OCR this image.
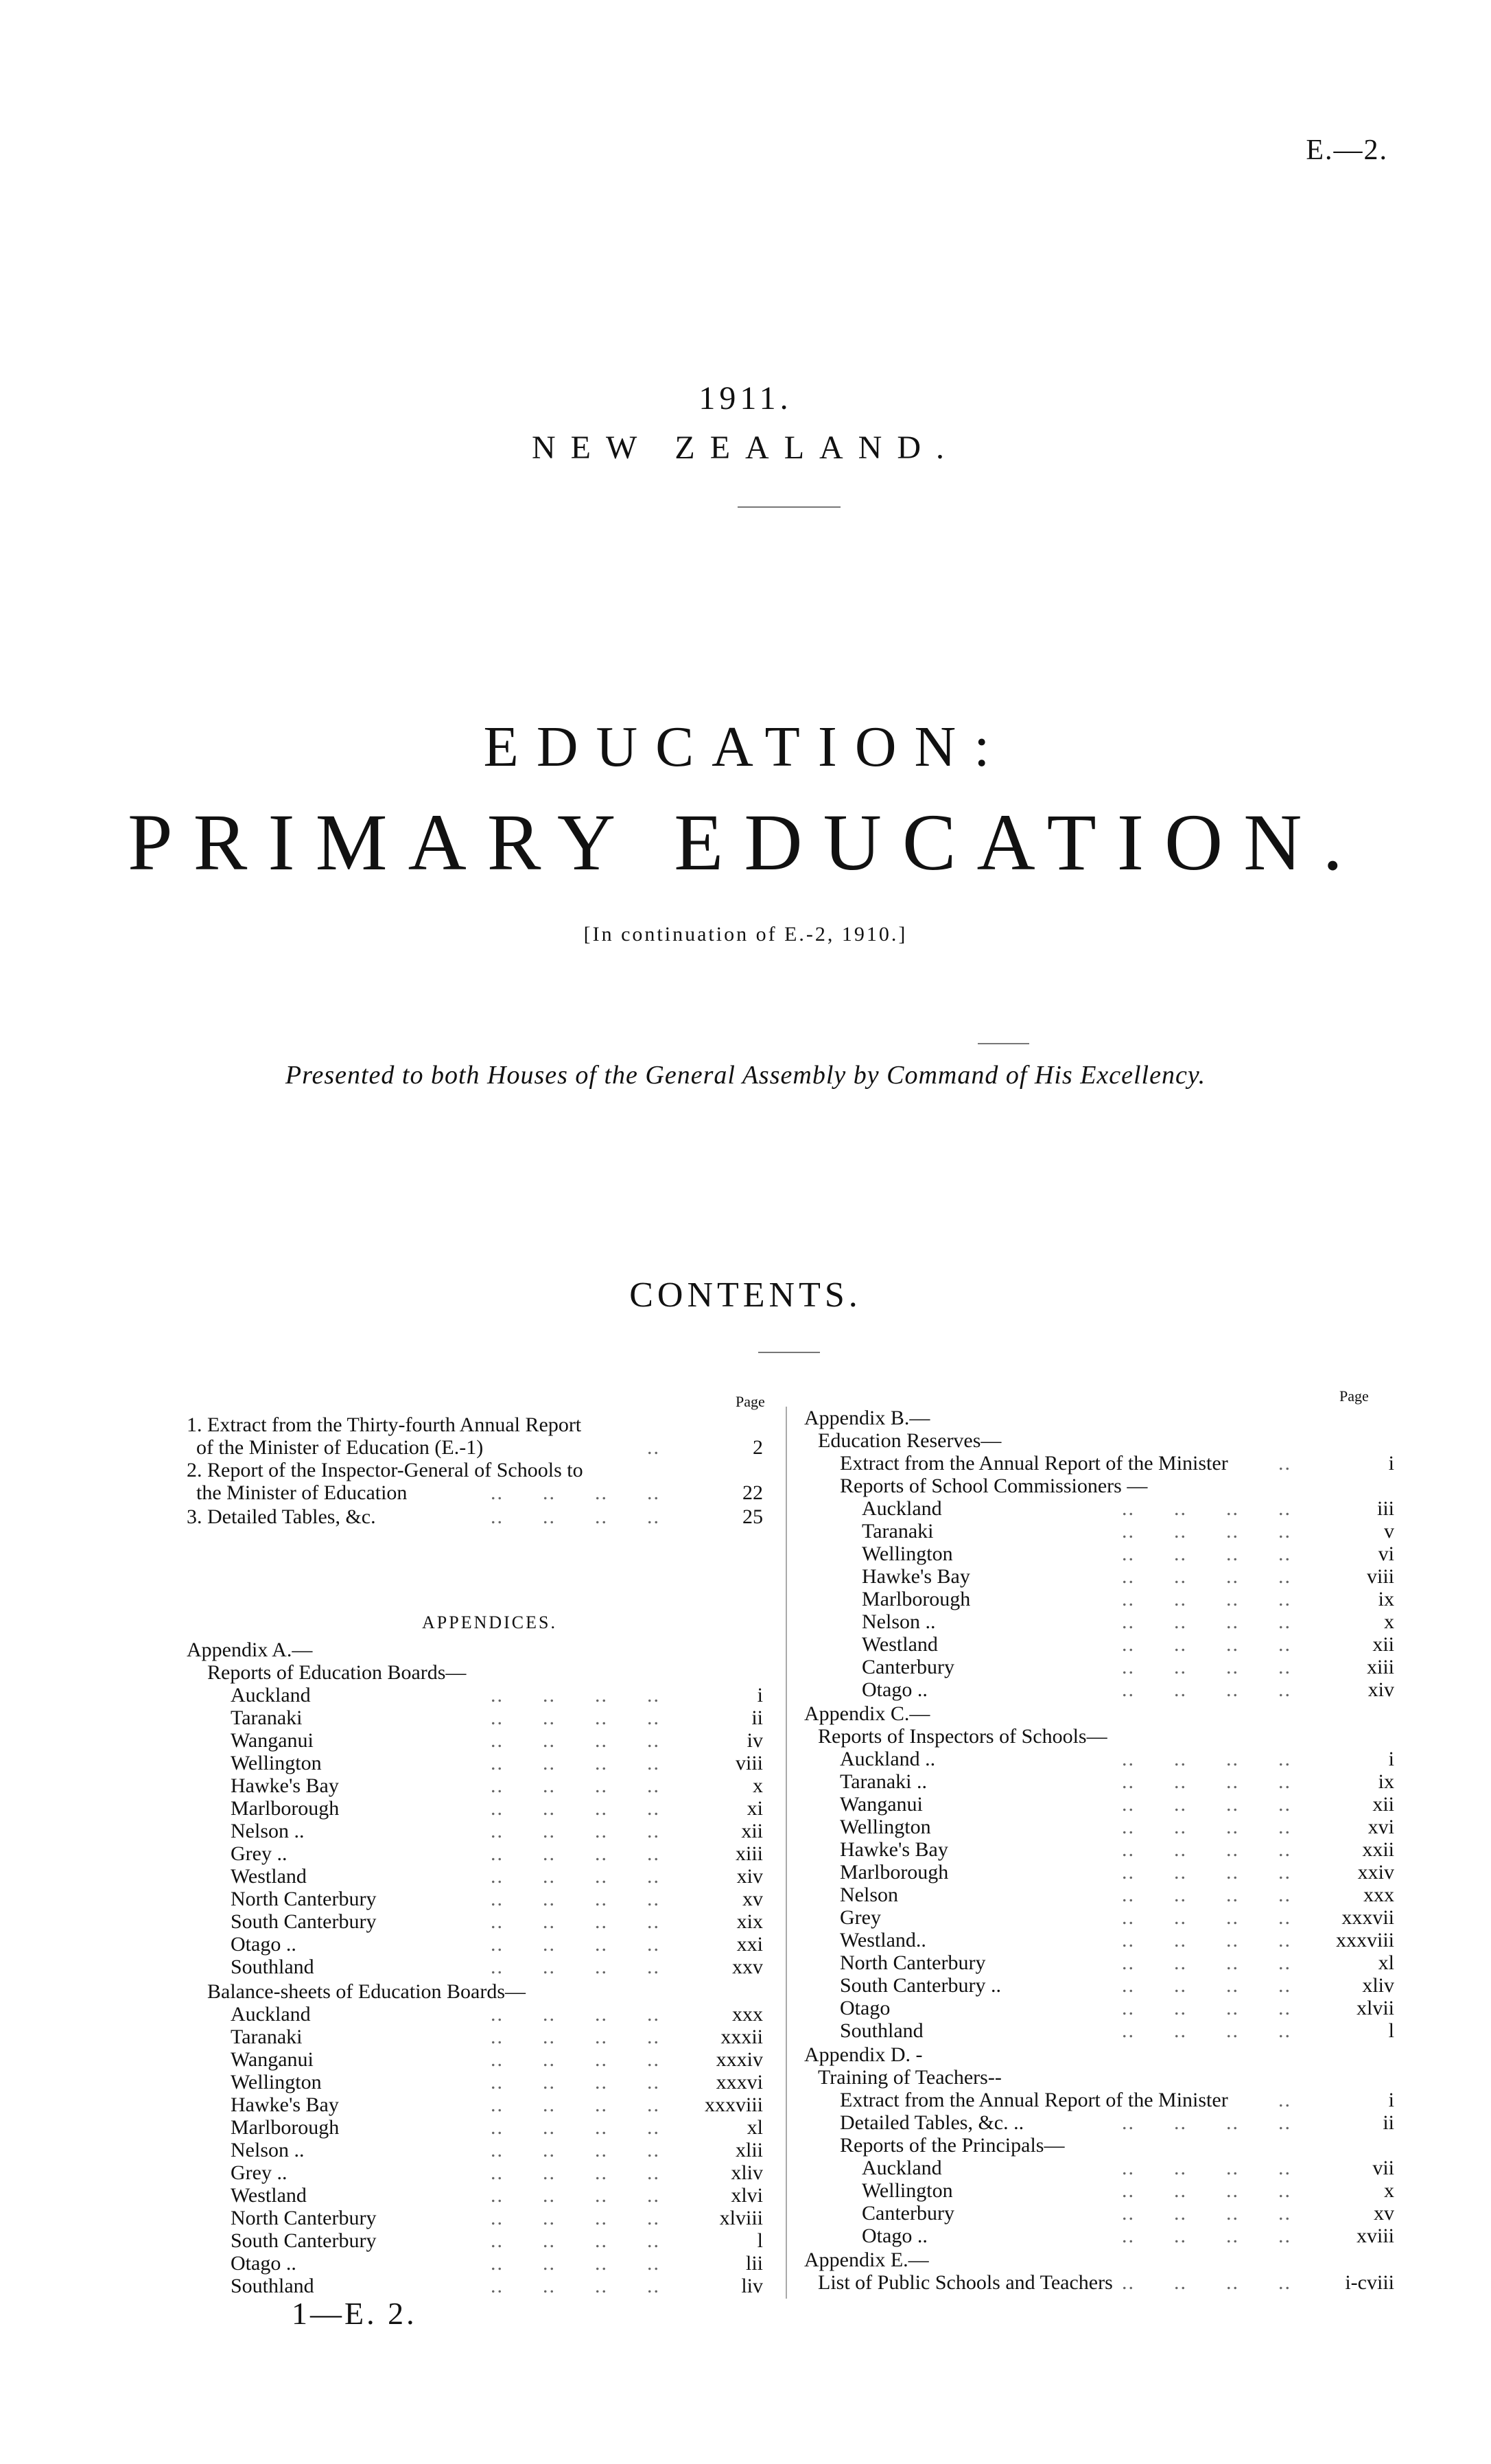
E.—2.
1911.
NEW ZEALAND.
EDUCATION:
PRIMARY EDUCATION.
[In continuation of E.-2, 1910.]
Presented to both Houses of the General Assembly by Command of His Excellency.
CONTENTS.
Page	Page
APPENDICES.
1. Extract from the Thirty-fourth Annual Report
of the Minister of Education (E.-1)	2
..
2. Report of the Inspector-General of Schools to
the Minister of Education	22
..      ..      ..      ..
3. Detailed Tables, &c.	25
..      ..      ..      ..
Appendix A.—
Reports of Education Boards—
Auckland	i
..      ..      ..      ..
Taranaki	ii
..      ..      ..      ..
Wanganui	iv
..      ..      ..      ..
Wellington	viii
..      ..      ..      ..
Hawke's Bay	x
..      ..      ..      ..
Marlborough	xi
..      ..      ..      ..
Nelson ..	xii
..      ..      ..      ..
Grey ..	xiii
..      ..      ..      ..
Westland	xiv
..      ..      ..      ..
North Canterbury	xv
..      ..      ..      ..
South Canterbury	xix
..      ..      ..      ..
Otago ..	xxi
..      ..      ..      ..
Southland	xxv
..      ..      ..      ..
Balance-sheets of Education Boards—
Auckland	xxx
..      ..      ..      ..
Taranaki	xxxii
..      ..      ..      ..
Wanganui	xxxiv
..      ..      ..      ..
Wellington	xxxvi
..      ..      ..      ..
Hawke's Bay	xxxviii
..      ..      ..      ..
Marlborough	xl
..      ..      ..      ..
Nelson ..	xlii
..      ..      ..      ..
Grey ..	xliv
..      ..      ..      ..
Westland	xlvi
..      ..      ..      ..
North Canterbury	xlviii
..      ..      ..      ..
South Canterbury	l
..      ..      ..      ..
Otago ..	lii
..      ..      ..      ..
Southland	liv
..      ..      ..      ..
Appendix B.—
Education Reserves—
Extract from the Annual Report of the Minister	i
..
Reports of School Commissioners —
Auckland	iii
..      ..      ..      ..
Taranaki	v
..      ..      ..      ..
Wellington	vi
..      ..      ..      ..
Hawke's Bay	viii
..      ..      ..      ..
Marlborough	ix
..      ..      ..      ..
Nelson ..	x
..      ..      ..      ..
Westland	xii
..      ..      ..      ..
Canterbury	xiii
..      ..      ..      ..
Otago ..	xiv
..      ..      ..      ..
Appendix C.—
Reports of Inspectors of Schools—
Auckland ..	i
..      ..      ..      ..
Taranaki ..	ix
..      ..      ..      ..
Wanganui	xii
..      ..      ..      ..
Wellington	xvi
..      ..      ..      ..
Hawke's Bay	xxii
..      ..      ..      ..
Marlborough	xxiv
..      ..      ..      ..
Nelson	xxx
..      ..      ..      ..
Grey	xxxvii
..      ..      ..      ..
Westland..	xxxviii
..      ..      ..      ..
North Canterbury	xl
..      ..      ..      ..
South Canterbury ..	xliv
..      ..      ..      ..
Otago	xlvii
..      ..      ..      ..
Southland	l
..      ..      ..      ..
Appendix D. -
Training of Teachers--
Extract from the Annual Report of the Minister	i
..
Detailed Tables, &c. ..	ii
..      ..      ..      ..
Reports of the Principals—
Auckland	vii
..      ..      ..      ..
Wellington	x
..      ..      ..      ..
Canterbury	xv
..      ..      ..      ..
Otago ..	xviii
..      ..      ..      ..
Appendix E.—
List of Public Schools and Teachers	i-cviii
..      ..      ..      ..
1—E. 2.
